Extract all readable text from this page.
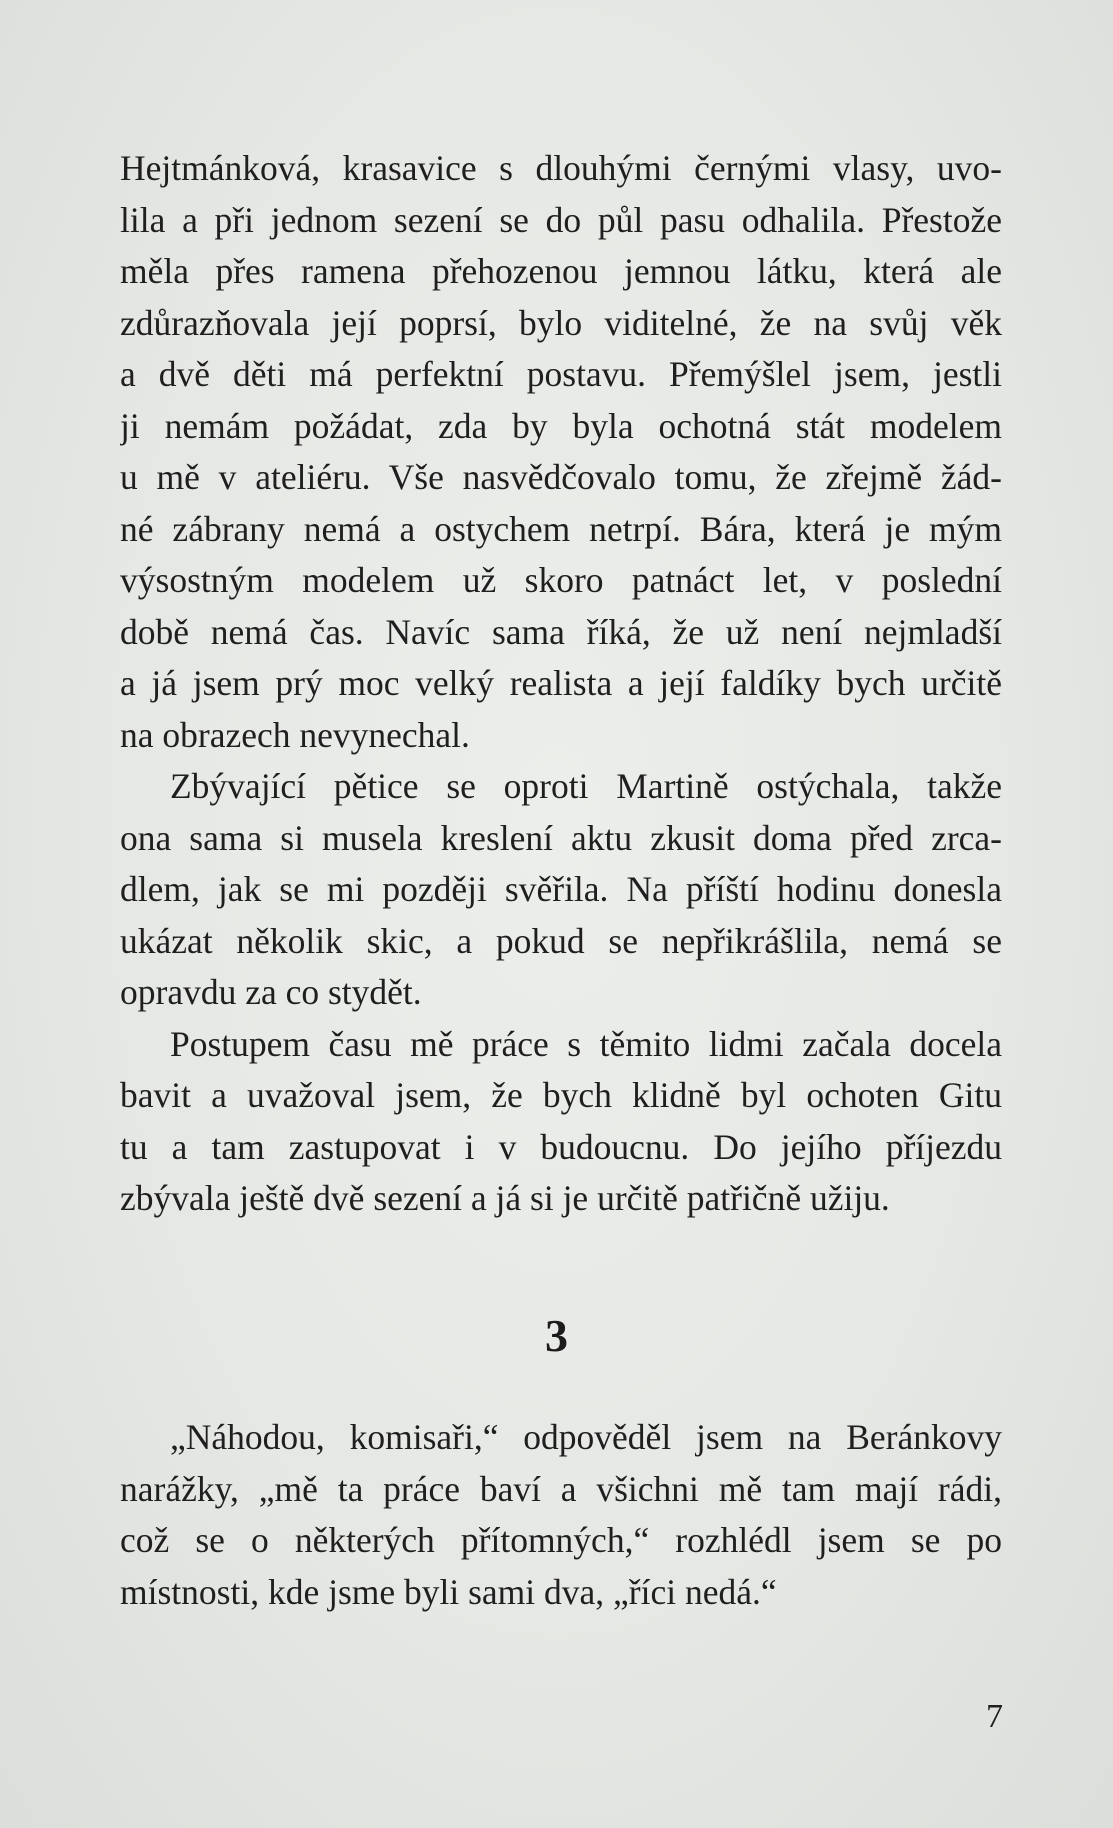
Hejtmánková, krasavice s dlouhými černými vlasy, uvo-
lila a při jednom sezení se do půl pasu odhalila. Přestože
měla přes ramena přehozenou jemnou látku, která ale
zdůrazňovala její poprsí, bylo viditelné, že na svůj věk
a dvě děti má perfektní postavu. Přemýšlel jsem, jestli
ji nemám požádat, zda by byla ochotná stát modelem
u mě v ateliéru. Vše nasvědčovalo tomu, že zřejmě žád-
né zábrany nemá a ostychem netrpí. Bára, která je mým
výsostným modelem už skoro patnáct let, v poslední
době nemá čas. Navíc sama říká, že už není nejmladší
a já jsem prý moc velký realista a její faldíky bych určitě
na obrazech nevynechal.
Zbývající pětice se oproti Martině ostýchala, takže
ona sama si musela kreslení aktu zkusit doma před zrca-
dlem, jak se mi později svěřila. Na příští hodinu donesla
ukázat několik skic, a pokud se nepřikrášlila, nemá se
opravdu za co stydět.
Postupem času mě práce s těmito lidmi začala docela
bavit a uvažoval jsem, že bych klidně byl ochoten Gitu
tu a tam zastupovat i v budoucnu. Do jejího příjezdu
zbývala ještě dvě sezení a já si je určitě patřičně užiju.
3
„Náhodou, komisaři,“ odpověděl jsem na Beránkovy
narážky, „mě ta práce baví a všichni mě tam mají rádi,
což se o některých přítomných,“ rozhlédl jsem se po
místnosti, kde jsme byli sami dva, „říci nedá.“
7
